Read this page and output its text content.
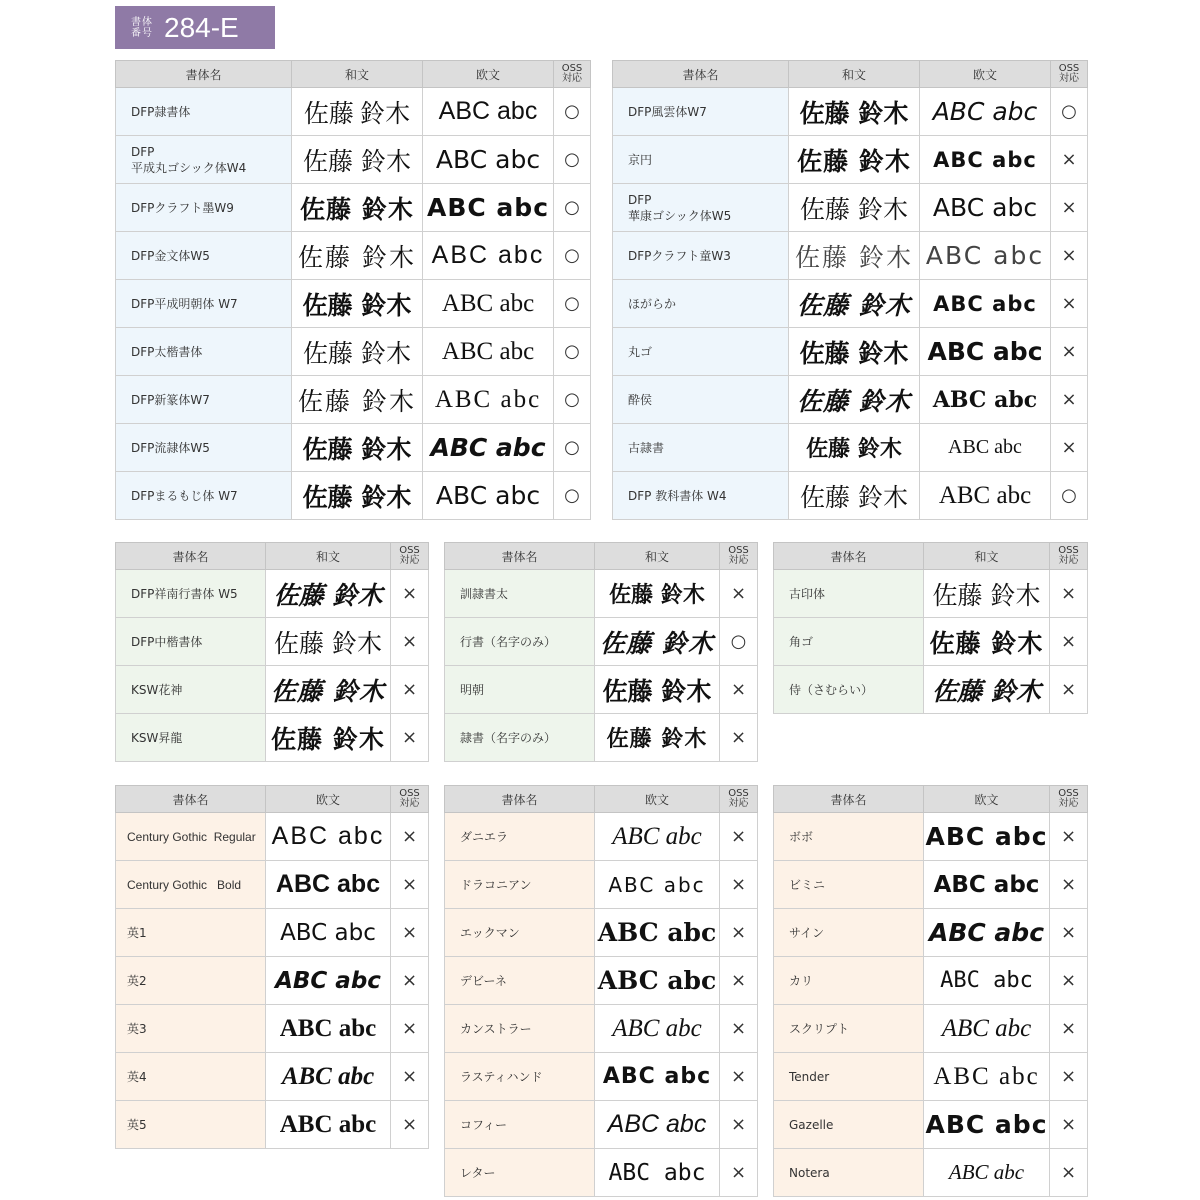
書体
番号 284-E
書体名	和文	欧文	OSS
対応
DFP隷書体	佐藤 鈴木	ABC abc	○
DFP
平成丸ゴシック体W4	佐藤 鈴木	ABC abc	○
DFPクラフト墨W9	佐藤 鈴木	ABC abc	○
DFP金文体W5	佐藤 鈴木	ABC abc	○
DFP平成明朝体 W7	佐藤 鈴木	ABC abc	○
DFP太楷書体	佐藤 鈴木	ABC abc	○
DFP新篆体W7	佐藤 鈴木	ABC abc	○
DFP流隷体W5	佐藤 鈴木	ABC abc	○
DFPまるもじ体 W7	佐藤 鈴木	ABC abc	○
書体名	和文	欧文	OSS
対応
DFP風雲体W7	佐藤 鈴木	ABC abc	○
京円	佐藤 鈴木	ABC abc	×
DFP
華康ゴシック体W5	佐藤 鈴木	ABC abc	×
DFPクラフト童W3	佐藤 鈴木	ABC abc	×
ほがらか	佐藤 鈴木	ABC abc	×
丸ゴ	佐藤 鈴木	ABC abc	×
酔侯	佐藤 鈴木	ABC abc	×
古隷書	佐藤 鈴木	ABC abc	×
DFP 教科書体 W4	佐藤 鈴木	ABC abc	○
書体名	和文	OSS
対応
DFP祥南行書体 W5	佐藤 鈴木	×
DFP中楷書体	佐藤 鈴木	×
KSW花神	佐藤 鈴木	×
KSW昇龍	佐藤 鈴木	×
書体名	和文	OSS
対応
訓隷書太	佐藤 鈴木	×
行書（名字のみ）	佐藤 鈴木	○
明朝	佐藤 鈴木	×
隷書（名字のみ）	佐藤 鈴木	×
書体名	和文	OSS
対応
古印体	佐藤 鈴木	×
角ゴ	佐藤 鈴木	×
侍（さむらい）	佐藤 鈴木	×
書体名	欧文	OSS
対応
Century Gothic  Regular	ABC abc	×
Century Gothic   Bold	ABC abc	×
英1	ABC abc	×
英2	ABC abc	×
英3	ABC abc	×
英4	ABC abc	×
英5	ABC abc	×
書体名	欧文	OSS
対応
ダニエラ	ABC abc	×
ドラコニアン	ABC abc	×
エックマン	ABC abc	×
デビーネ	ABC abc	×
カンストラー	ABC abc	×
ラスティハンド	ABC abc	×
コフィー	ABC abc	×
レター	ABC abc	×
書体名	欧文	OSS
対応
ボボ	ABC abc	×
ビミニ	ABC abc	×
サイン	ABC abc	×
カリ	ABC abc	×
スクリプト	ABC abc	×
Tender	ABC abc	×
Gazelle	ABC abc	×
Notera	ABC abc	×
